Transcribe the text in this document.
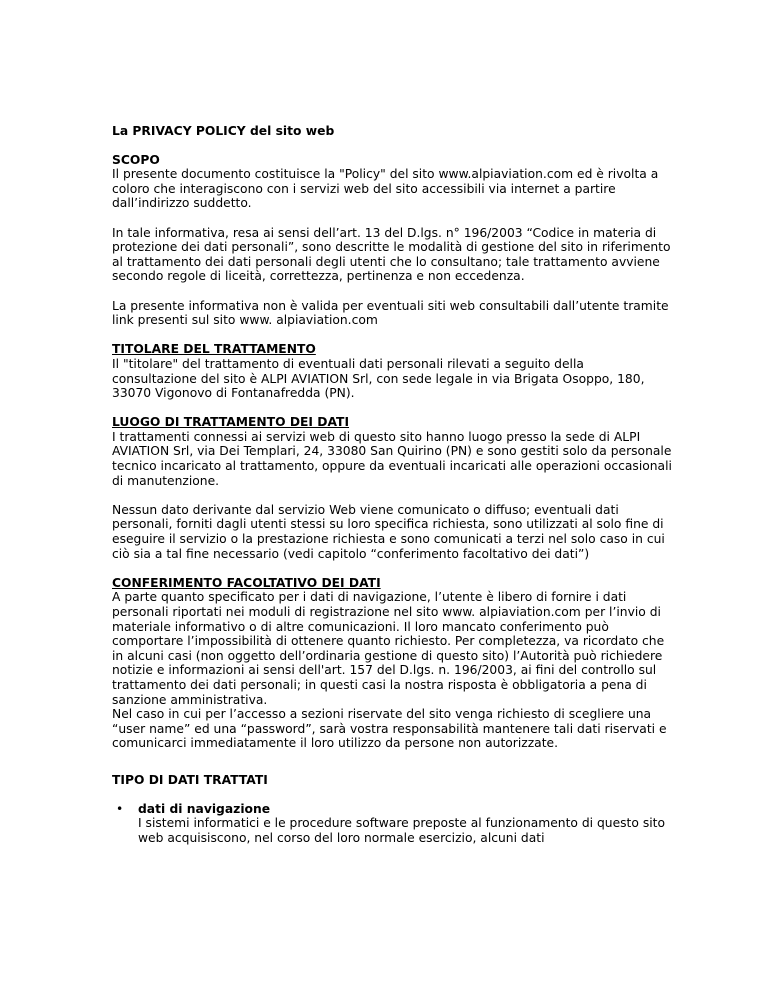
La PRIVACY POLICY del sito web
SCOPO

Il presente documento costituisce la "Policy" del sito www.alpiaviation.com ed è rivolta a coloro che interagiscono con i servizi web del sito accessibili via internet a partire dall’indirizzo suddetto.

In tale informativa, resa ai sensi dell’art. 13 del D.lgs. n° 196/2003 “Codice in materia di protezione dei dati personali”, sono descritte le modalità di gestione del sito in riferimento al trattamento dei dati personali degli utenti che lo consultano; tale trattamento avviene secondo regole di liceità, correttezza, pertinenza e non eccedenza.

La presente informativa non è valida per eventuali siti web consultabili dall’utente tramite link presenti sul sito www. alpiaviation.com

TITOLARE DEL TRATTAMENTO

Il "titolare" del trattamento di eventuali dati personali rilevati a seguito della consultazione del sito è ALPI AVIATION Srl, con sede legale in via Brigata Osoppo, 180, 33070 Vigonovo di Fontanafredda (PN).

LUOGO DI TRATTAMENTO DEI DATI

I trattamenti connessi ai servizi web di questo sito hanno luogo presso la sede di ALPI AVIATION Srl, via Dei Templari, 24, 33080 San Quirino (PN) e sono gestiti solo da personale tecnico incaricato al trattamento, oppure da eventuali incaricati alle operazioni occasionali di manutenzione.

Nessun dato derivante dal servizio Web viene comunicato o diffuso; eventuali dati personali, forniti dagli utenti stessi su loro specifica richiesta, sono utilizzati al solo fine di eseguire il servizio o la prestazione richiesta e sono comunicati a terzi nel solo caso in cui ciò sia a tal fine necessario (vedi capitolo “conferimento facoltativo dei dati”)

CONFERIMENTO FACOLTATIVO DEI DATI

A parte quanto specificato per i dati di navigazione, l’utente è libero di fornire i dati personali riportati nei moduli di registrazione nel sito www. alpiaviation.com per l’invio di materiale informativo o di altre comunicazioni. Il loro mancato conferimento può comportare l’impossibilità di ottenere quanto richiesto. Per completezza, va ricordato che in alcuni casi (non oggetto dell’ordinaria gestione di questo sito) l’Autorità può richiedere notizie e informazioni ai sensi dell'art. 157 del D.lgs. n. 196/2003, ai fini del controllo sul trattamento dei dati personali; in questi casi la nostra risposta è obbligatoria a pena di sanzione amministrativa.

Nel caso in cui per l’accesso a sezioni riservate del sito venga richiesto di scegliere una “user name” ed una “password”, sarà vostra responsabilità mantenere tali dati riservati e comunicarci immediatamente il loro utilizzo da persone non autorizzate.

TIPO DI DATI TRATTATI
• dati di navigazione
I sistemi informatici e le procedure software preposte al funzionamento di questo sito web acquisiscono, nel corso del loro normale esercizio, alcuni dati
